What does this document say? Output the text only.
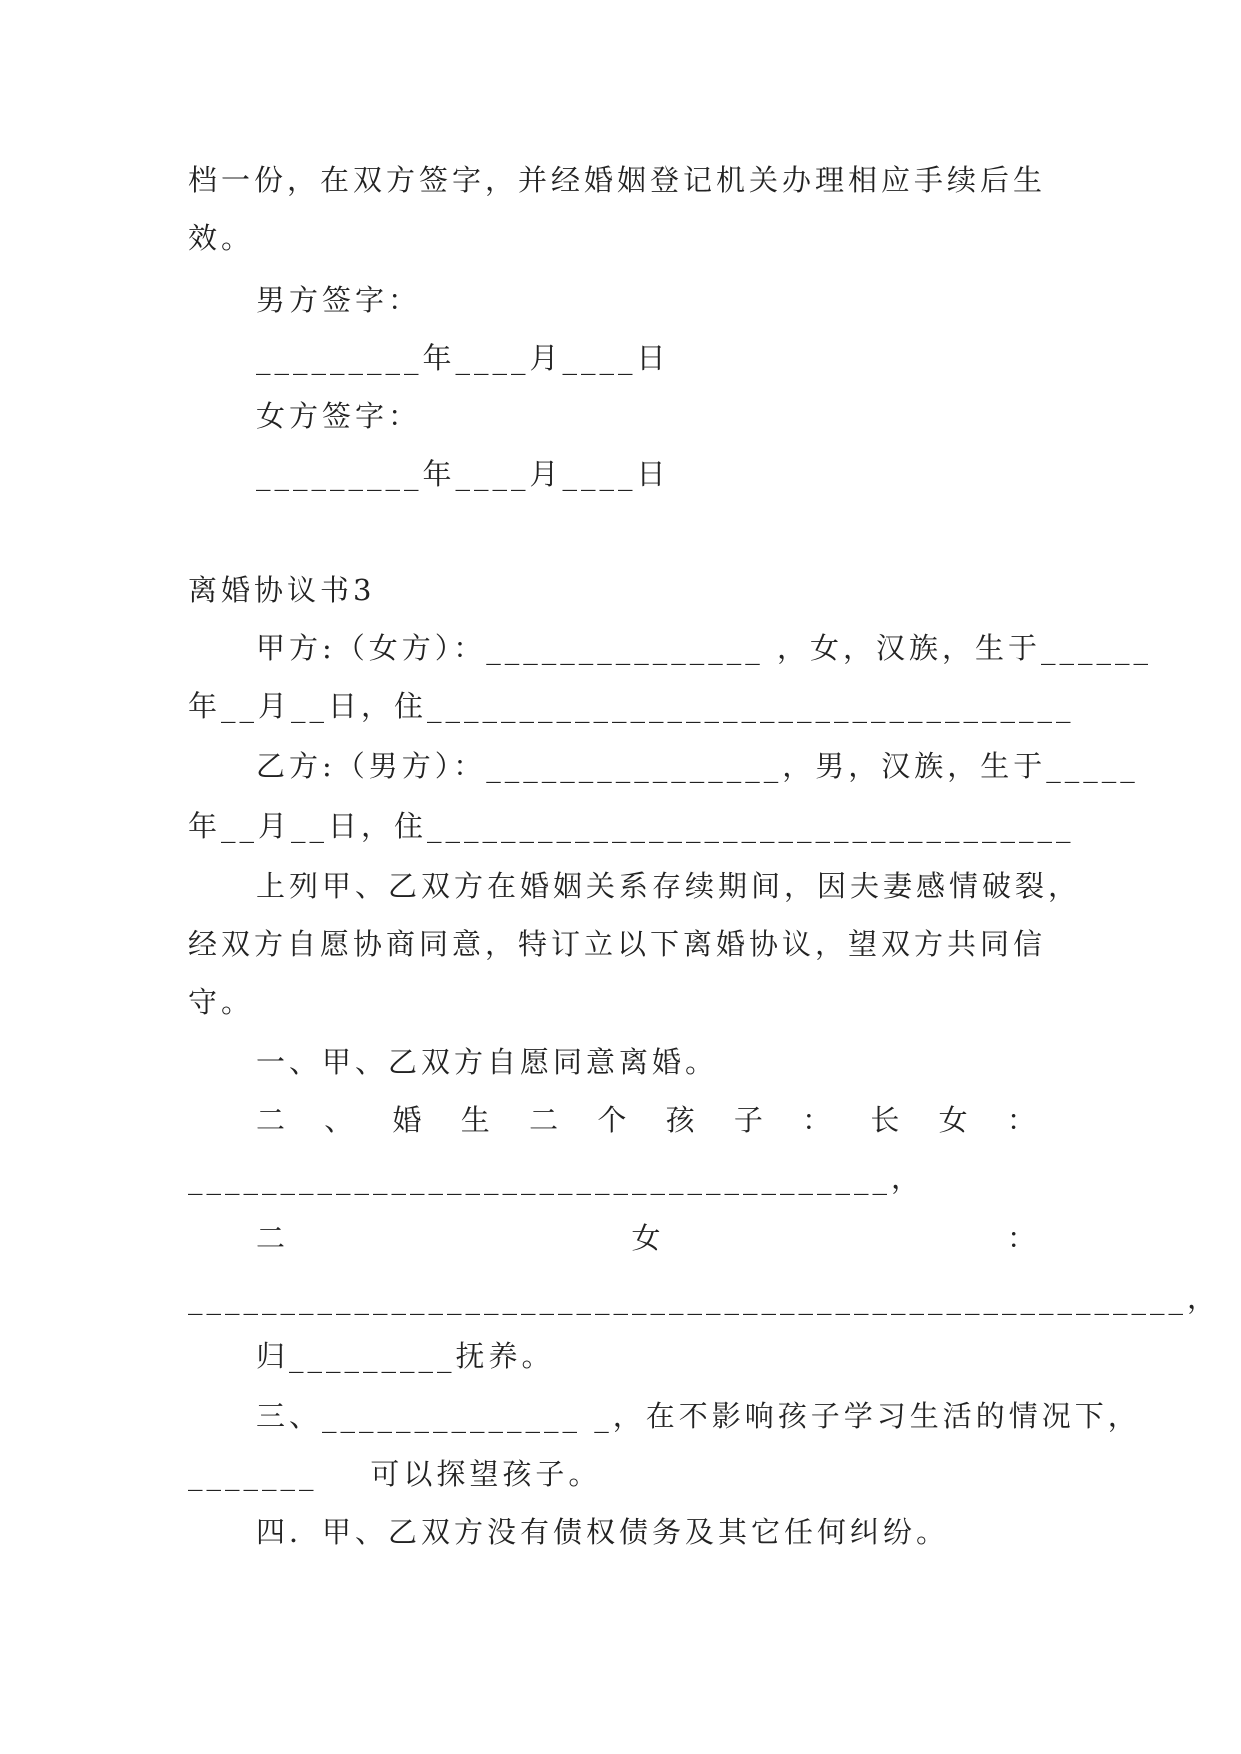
档一份，在双方签字，并经婚姻登记机关办理相应手续后生
效。
男方签字：
_________年____月____日
女方签字：
_________年____月____日
离婚协议书3
甲方:（女方）：_______________ ，女，汉族，生于______
年__月__日，住___________________________________
乙方:（男方）：________________，男，汉族，生于_____
年__月__日，住___________________________________
上列甲、乙双方在婚姻关系存续期间，因夫妻感情破裂，
经双方自愿协商同意，特订立以下离婚协议，望双方共同信
守。
一、甲、乙双方自愿同意离婚。
二 、 婚 生 二 个 孩 子 ： 长 女 ：
______________________________________，
二	女	：
______________________________________________________，
归_________抚养。
三、______________ _，在不影响孩子学习生活的情况下，
_______    可以探望孩子。
四．甲、乙双方没有债权债务及其它任何纠纷。
